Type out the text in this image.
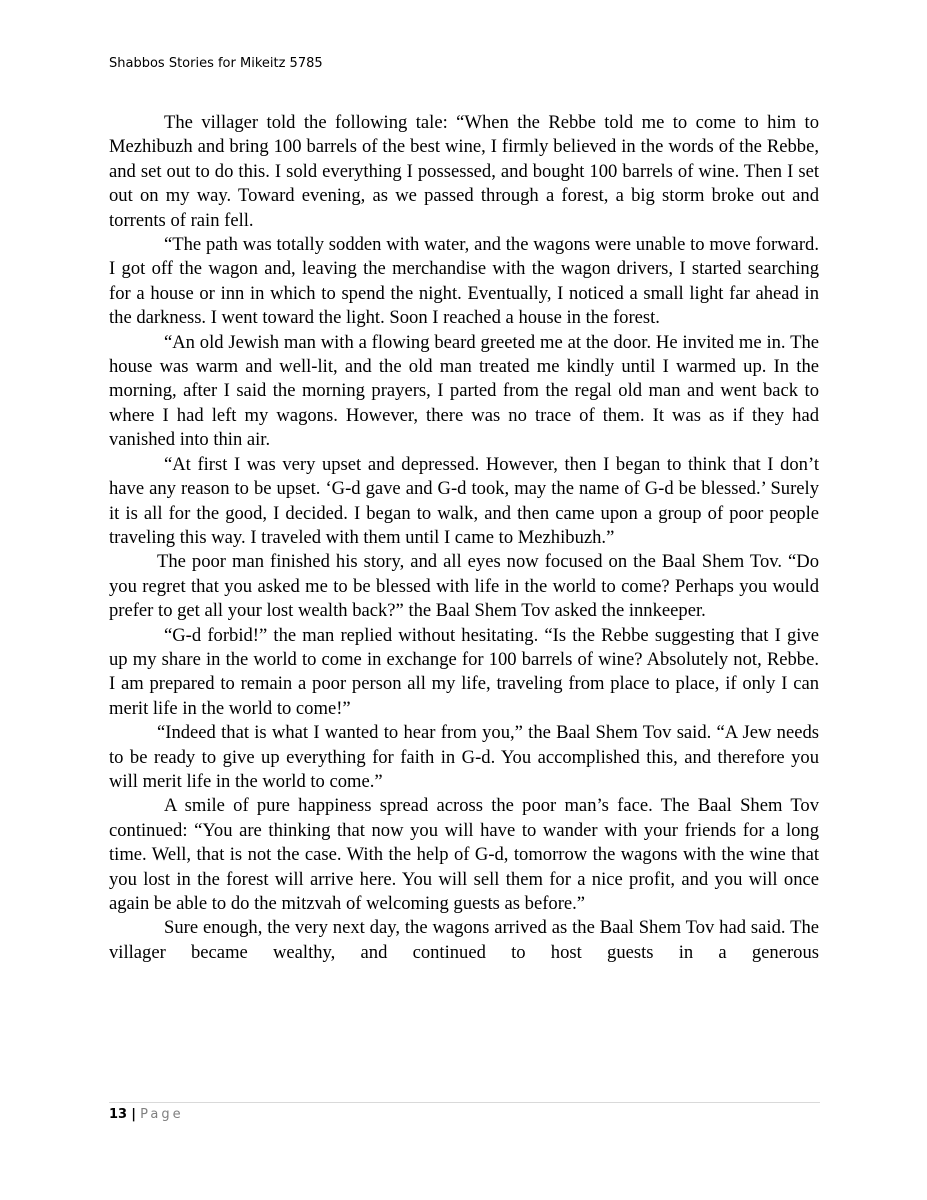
Shabbos Stories for Mikeitz 5785

The villager told the following tale: “When the Rebbe told me to come to him to Mezhibuzh and bring 100 barrels of the best wine, I firmly believed in the words of the Rebbe, and set out to do this. I sold everything I possessed, and bought 100 barrels of wine. Then I set out on my way. Toward evening, as we passed through a forest, a big storm broke out and torrents of rain fell.

“The path was totally sodden with water, and the wagons were unable to move forward. I got off the wagon and, leaving the merchandise with the wagon drivers, I started searching for a house or inn in which to spend the night. Eventually, I noticed a small light far ahead in the darkness. I went toward the light. Soon I reached a house in the forest.

“An old Jewish man with a flowing beard greeted me at the door. He invited me in. The house was warm and well-lit, and the old man treated me kindly until I warmed up. In the morning, after I said the morning prayers, I parted from the regal old man and went back to where I had left my wagons. However, there was no trace of them. It was as if they had vanished into thin air.

“At first I was very upset and depressed. However, then I began to think that I don’t have any reason to be upset. ‘G-d gave and G-d took, may the name of G-d be blessed.’ Surely it is all for the good, I decided. I began to walk, and then came upon a group of poor people traveling this way. I traveled with them until I came to Mezhibuzh.”

The poor man finished his story, and all eyes now focused on the Baal Shem Tov. “Do you regret that you asked me to be blessed with life in the world to come? Perhaps you would prefer to get all your lost wealth back?” the Baal Shem Tov asked the innkeeper.

“G-d forbid!” the man replied without hesitating. “Is the Rebbe suggesting that I give up my share in the world to come in exchange for 100 barrels of wine? Absolutely not, Rebbe. I am prepared to remain a poor person all my life, traveling from place to place, if only I can merit life in the world to come!”

“Indeed that is what I wanted to hear from you,” the Baal Shem Tov said. “A Jew needs to be ready to give up everything for faith in G-d. You accomplished this, and therefore you will merit life in the world to come.”

A smile of pure happiness spread across the poor man’s face. The Baal Shem Tov continued: “You are thinking that now you will have to wander with your friends for a long time. Well, that is not the case. With the help of G-d, tomorrow the wagons with the wine that you lost in the forest will arrive here. You will sell them for a nice profit, and you will once again be able to do the mitzvah of welcoming guests as before.”

Sure enough, the very next day, the wagons arrived as the Baal Shem Tov had said. The villager became wealthy, and continued to host guests in a generous

13 | Page
